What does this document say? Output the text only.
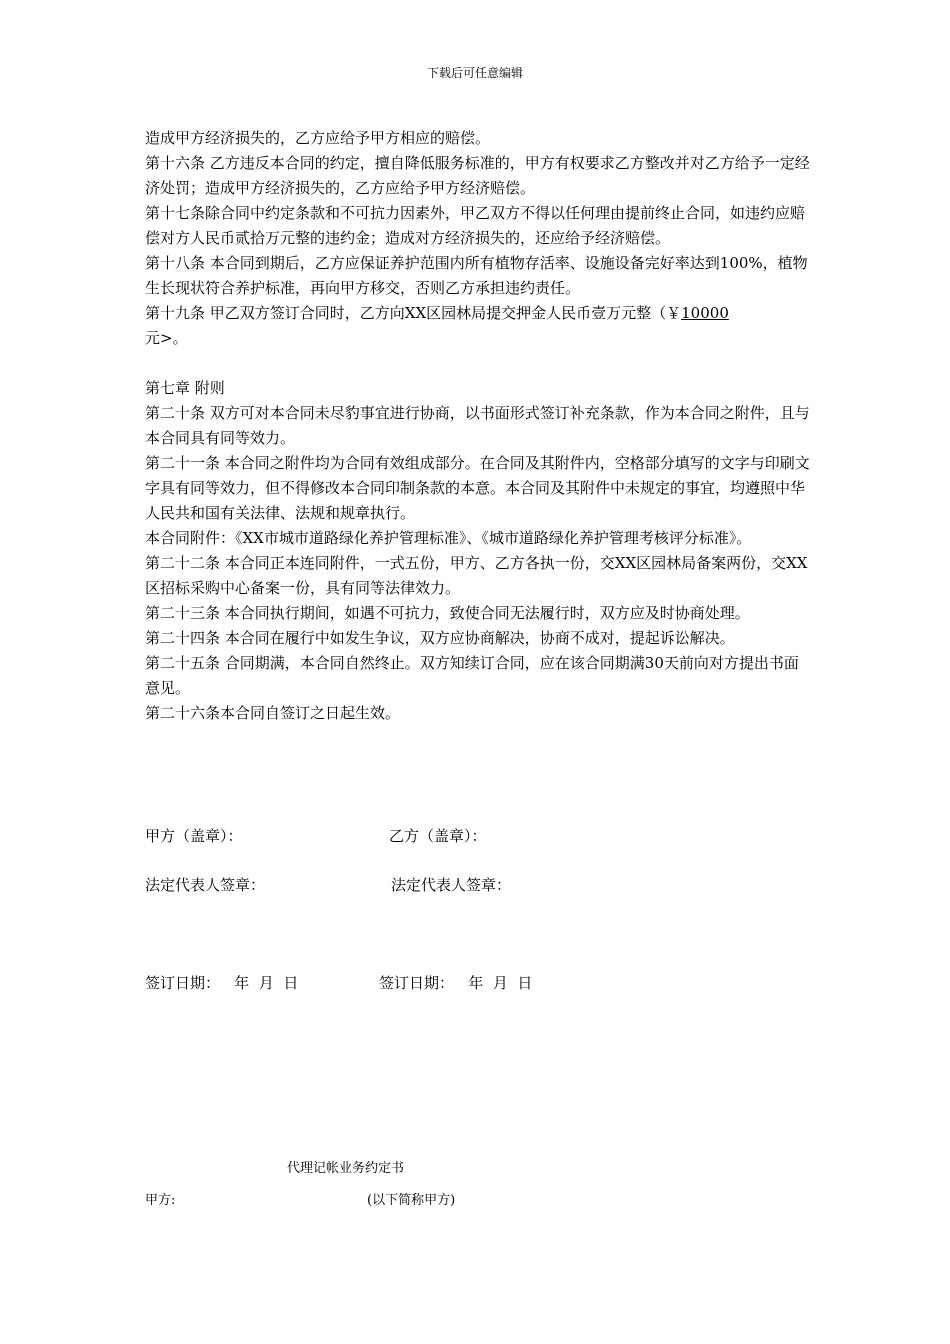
下载后可任意编辑

造成甲方经济损失的，乙方应给予甲方相应的赔偿。

第十六条 乙方违反本合同的约定，擅自降低服务标准的，甲方有权要求乙方整改并对乙方给予一定经济处罚；造成甲方经济损失的，乙方应给予甲方经济赔偿。

第十七条除合同中约定条款和不可抗力因素外，甲乙双方不得以任何理由提前终止合同，如违约应赔偿对方人民币贰拾万元整的违约金；造成对方经济损失的，还应给予经济赔偿。

第十八条 本合同到期后，乙方应保证养护范围内所有植物存活率、设施设备完好率达到100%，植物生长现状符合养护标准，再向甲方移交，否则乙方承担违约责任。

第十九条 甲乙双方签订合同时，乙方向XX区园林局提交押金人民币壹万元整（￥10000
元>。

第七章 附则

第二十条 双方可对本合同未尽豹事宜进行协商，以书面形式签订补充条款，作为本合同之附件，且与本合同具有同等效力。

第二十一条 本合同之附件均为合同有效组成部分。在合同及其附件内，空格部分填写的文字与印刷文字具有同等效力，但不得修改本合同印制条款的本意。本合同及其附件中未规定的事宜，均遵照中华人民共和国有关法律、法规和规章执行。

本合同附件：《XX市城市道路绿化养护管理标准》、《城市道路绿化养护管理考核评分标准》。

第二十二条 本合同正本连同附件，一式五份，甲方、乙方各执一份，交XX区园林局备案两份，交XX区招标采购中心备案一份，具有同等法律效力。

第二十三条 本合同执行期间，如遇不可抗力，致使合同无法履行时，双方应及时协商处理。

第二十四条 本合同在履行中如发生争议，双方应协商解决，协商不成对，提起诉讼解决。

第二十五条 合同期满，本合同自然终止。双方知续订合同，应在该合同期满30天前向对方提出书面意见。

第二十六条本合同自签订之日起生效。

甲方（盖章）：	乙方（盖章）：
法定代表人签章：	法定代表人签章：
签订日期：   年  月  日	签订日期：   年  月  日
代理记帐业务约定书
甲方:	(以下简称甲方)
